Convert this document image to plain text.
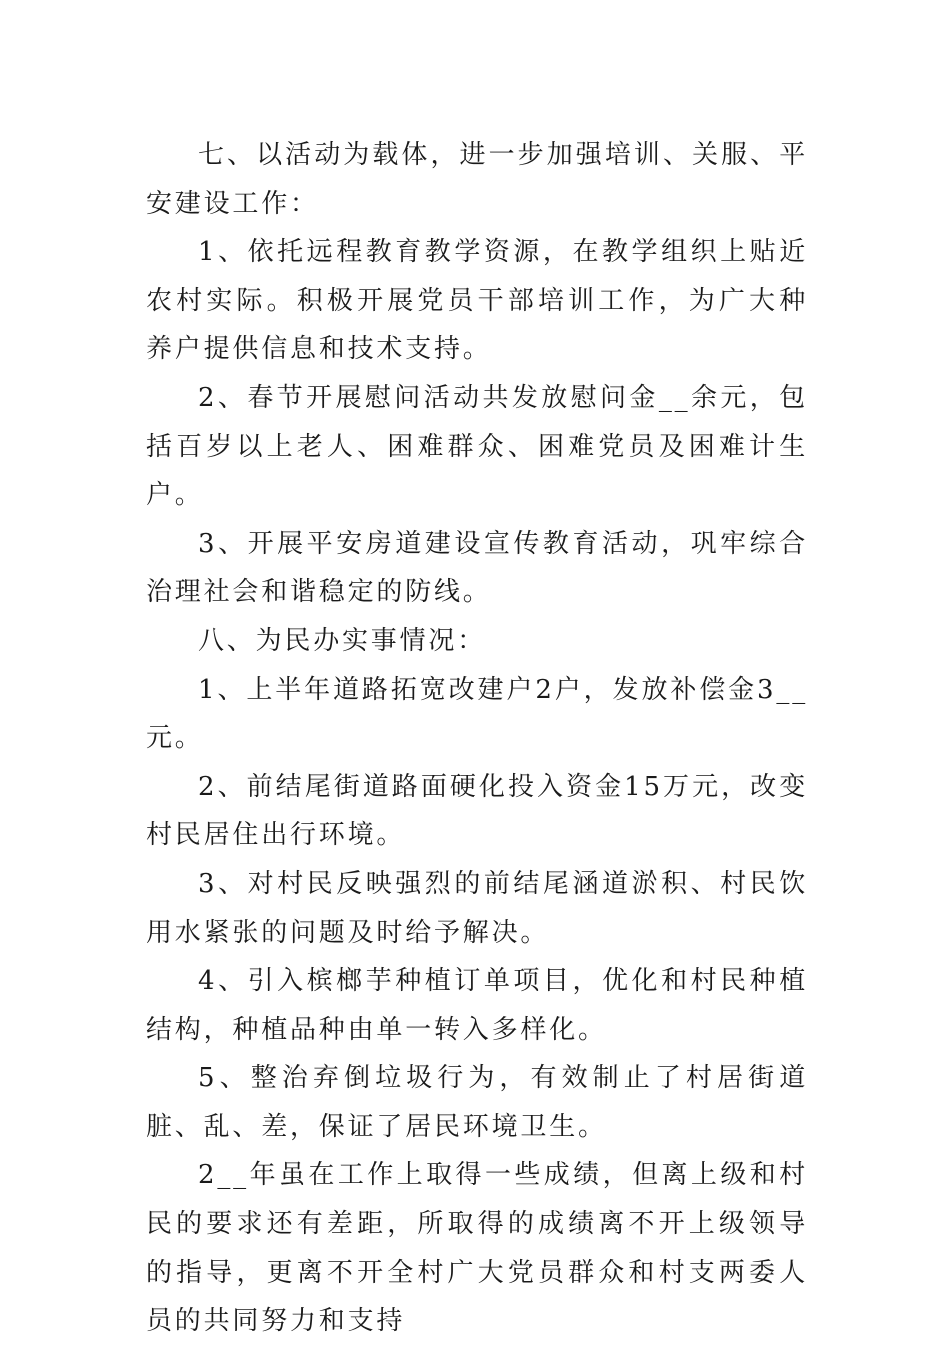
七、以活动为载体，进一步加强培训、关服、平安建设工作：

1、依托远程教育教学资源，在教学组织上贴近农村实际。积极开展党员干部培训工作，为广大种养户提供信息和技术支持。

2、春节开展慰问活动共发放慰问金__余元，包括百岁以上老人、困难群众、困难党员及困难计生户。

3、开展平安房道建设宣传教育活动，巩牢综合治理社会和谐稳定的防线。

八、为民办实事情况：

1、上半年道路拓宽改建户2户，发放补偿金3__元。

2、前结尾街道路面硬化投入资金15万元，改变村民居住出行环境。

3、对村民反映强烈的前结尾涵道淤积、村民饮用水紧张的问题及时给予解决。

4、引入槟榔芋种植订单项目，优化和村民种植结构，种植品种由单一转入多样化。

5、整治弃倒垃圾行为，有效制止了村居街道脏、乱、差，保证了居民环境卫生。

2__年虽在工作上取得一些成绩，但离上级和村民的要求还有差距，所取得的成绩离不开上级领导的指导，更离不开全村广大党员群众和村支两委人员的共同努力和支持
